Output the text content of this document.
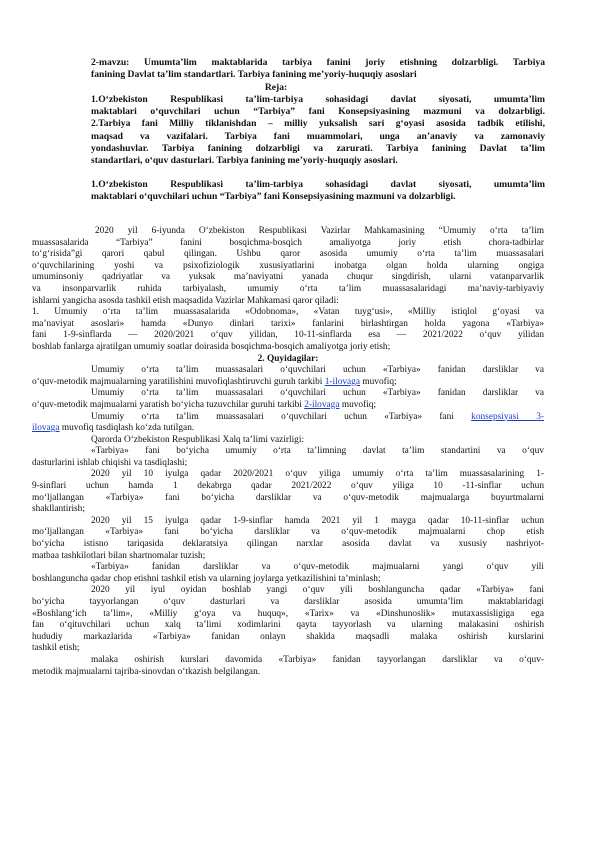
2-mavzu: Umumta’lim maktablarida tarbiya fanini joriy etishning dolzarbligi. Tarbiya
fanining Davlat ta’lim standartlari. Tarbiya fanining me’yoriy-huquqiy asoslari
Reja:
1.O‘zbekiston Respublikasi ta’lim-tarbiya sohasidagi davlat siyosati, umumta’lim
maktablari o‘quvchilari uchun “Tarbiya” fani Konsepsiyasining mazmuni va dolzarbligi.
2.Tarbiya fani Milliy tiklanishdan – milliy yuksalish sari g‘oyasi asosida tadbik etilishi,
maqsad va vazifalari. Tarbiya fani muammolari, unga an’anaviy va zamonaviy
yondashuvlar. Tarbiya fanining dolzarbligi va zarurati. Tarbiya fanining Davlat ta’lim
standartlari, o‘quv dasturlari. Tarbiya fanining me’yoriy-huquqiy asoslari.
1.O‘zbekiston Respublikasi ta’lim-tarbiya sohasidagi davlat siyosati, umumta’lim
maktablari o‘quvchilari uchun “Tarbiya” fani Konsepsiyasining mazmuni va dolzarbligi.
2020 yil 6-iyunda O‘zbekiston Respublikasi Vazirlar Mahkamasining “Umumiy o‘rta ta’lim
muassasalarida “Tarbiya” fanini bosqichma-bosqich amaliyotga joriy etish chora-tadbirlar
to‘g‘risida”gi qarori qabul qilingan. Ushbu qaror asosida umumiy o‘rta ta’lim muassasalari
o‘quvchilarining yoshi va psixofiziologik xususiyatlarini inobatga olgan holda ularning ongiga
umuminsoniy qadriyatlar va yuksak ma’naviyatni yanada chuqur singdirish, ularni vatanparvarlik
va insonparvarlik ruhida tarbiyalash, umumiy o‘rta ta’lim muassasalaridagi ma’naviy-tarbiyaviy
ishlarni yangicha asosda tashkil etish maqsadida Vazirlar Mahkamasi qaror qiladi:
1. Umumiy o‘rta ta’lim muassasalarida «Odobnoma», «Vatan tuyg‘usi», «Milliy istiqlol g‘oyasi va
ma’naviyat asoslari» hamda «Dunyo dinlari tarixi» fanlarini birlashtirgan holda yagona «Tarbiya»
fani 1-9-sinflarda — 2020/2021 o‘quv yilidan, 10-11-sinflarda esa — 2021/2022 o‘quv yilidan
boshlab fanlarga ajratilgan umumiy soatlar doirasida bosqichma-bosqich amaliyotga joriy etish;
2. Quyidagilar:
Umumiy o‘rta ta’lim muassasalari o‘quvchilari uchun «Tarbiya» fanidan darsliklar va
o‘quv-metodik majmualarning yaratilishini muvofiqlashtiruvchi guruh tarkibi 1-ilovaga muvofiq;
Umumiy o‘rta ta’lim muassasalari o‘quvchilari uchun «Tarbiya» fanidan darsliklar va
o‘quv-metodik majmualarni yaratish bo‘yicha tuzuvchilar guruhi tarkibi 2-ilovaga muvofiq;
Umumiy o‘rta ta’lim muassasalari o‘quvchilari uchun «Tarbiya» fani konsepsiyasi 3-
ilovaga muvofiq tasdiqlash ko‘zda tutilgan.
Qarorda O‘zbekiston Respublikasi Xalq ta’limi vazirligi:
«Tarbiya» fani bo‘yicha umumiy o‘rta ta’limning davlat ta’lim standartini va o‘quv
dasturlarini ishlab chiqishi va tasdiqlashi;
2020 yil 10 iyulga qadar 2020/2021 o‘quv yiliga umumiy o‘rta ta’lim muassasalarining 1-
9-sinflari uchun hamda 1 dekabrga qadar 2021/2022 o‘quv yiliga 10 -11-sinflar uchun
mo‘ljallangan «Tarbiya» fani bo‘yicha darsliklar va o‘quv-metodik majmualarga buyurtmalarni
shakllantirish;
2020 yil 15 iyulga qadar 1-9-sinflar hamda 2021 yil 1 mayga qadar 10-11-sinflar uchun
mo‘ljallangan «Tarbiya» fani bo‘yicha darsliklar va o‘quv-metodik majmualarni chop etish
bo‘yicha istisno tariqasida deklaratsiya qilingan narxlar asosida davlat va xususiy nashriyot-
matbaa tashkilotlari bilan shartnomalar tuzish;
«Tarbiya» fanidan darsliklar va o‘quv-metodik majmualarni yangi o‘quv yili
boshlanguncha qadar chop etishni tashkil etish va ularning joylarga yetkazilishini ta’minlash;
2020 yil iyul oyidan boshlab yangi o‘quv yili boshlanguncha qadar «Tarbiya» fani
bo‘yicha tayyorlangan o‘quv dasturlari va darsliklar asosida umumta’lim maktablaridagi
«Boshlang‘ich ta’lim», «Milliy g‘oya va huquq», «Tarix» va «Dinshunoslik» mutaxassisligiga ega
fan o‘qituvchilari uchun xalq ta’limi xodimlarini qayta tayyorlash va ularning malakasini oshirish
hududiy markazlarida «Tarbiya» fanidan onlayn shaklda maqsadli malaka oshirish kurslarini
tashkil etish;
malaka oshirish kurslari davomida «Tarbiya» fanidan tayyorlangan darsliklar va o‘quv-
metodik majmualarni tajriba-sinovdan o‘tkazish belgilangan.
